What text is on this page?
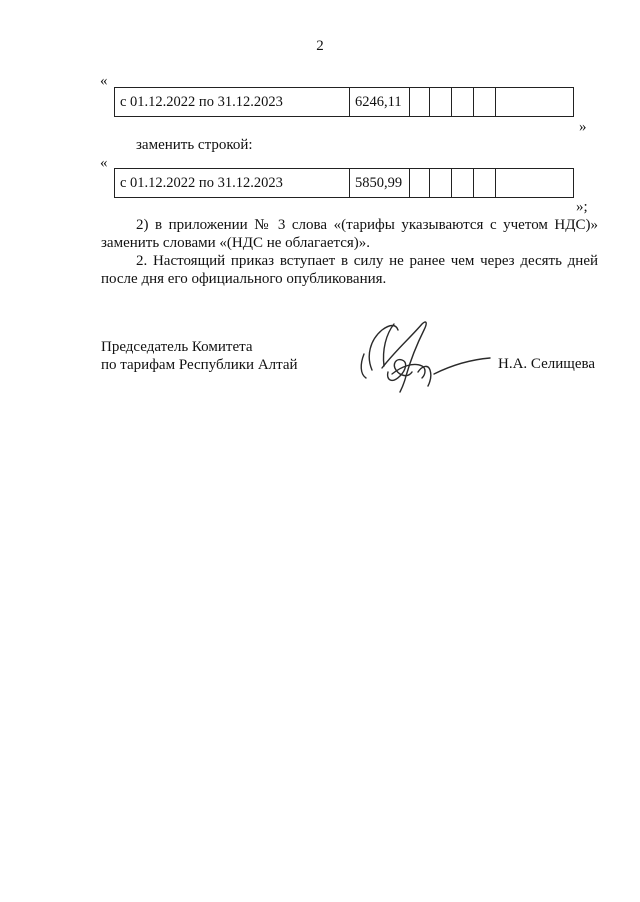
2
«
с 01.12.2022 по 31.12.2023	6246,11
»
заменить строкой:
«
с 01.12.2022 по 31.12.2023	5850,99
»;
2) в приложении № 3 слова «(тарифы указываются с учетом НДС)» заменить словами «(НДС не облагается)».
2. Настоящий приказ вступает в силу не ранее чем через десять дней после дня его официального опубликования.
Председатель Комитета
по тарифам Республики Алтай	Н.А. Селищева
